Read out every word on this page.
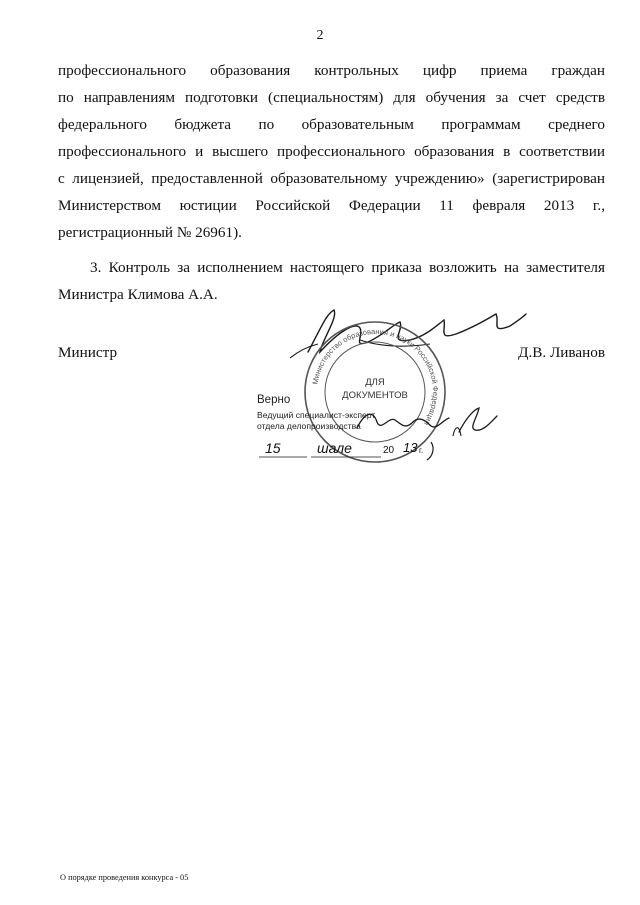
2
профессионального образования контрольных цифр приема граждан
по направлениям подготовки (специальностям) для обучения за счет средств
федерального бюджета по образовательным программам среднего
профессионального и высшего профессионального образования в соответствии
с лицензией, предоставленной образовательному учреждению» (зарегистрирован
Министерством юстиции Российской Федерации 11 февраля 2013 г.,
регистрационный № 26961).
3. Контроль за исполнением настоящего приказа возложить на заместителя
Министра Климова А.А.
Министерство образования и науки Российской Федерации
ДЛЯ
ДОКУМЕНТОВ
Министр	Д.В. Ливанов
Верно
Ведущий специалист-эксперт
отдела делопроизводства
15	шале	20 13 г.
О порядке проведения конкурса - 05
